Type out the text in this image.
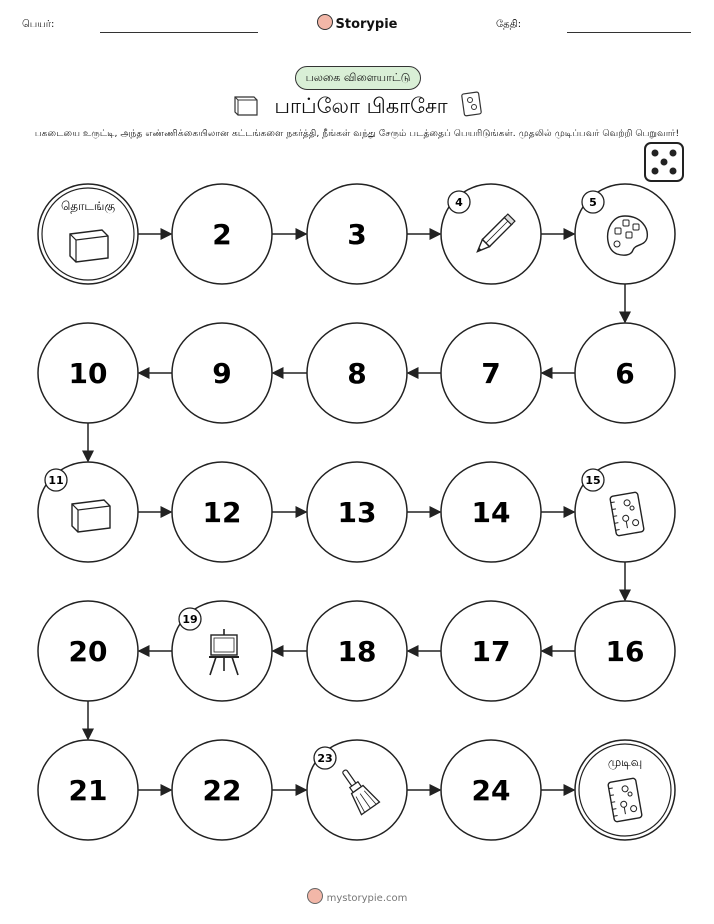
பெயர்:	Storypie	தேதி:
பலகை விளையாட்டு
பாப்லோ பிகாசோ
பகடையை உருட்டி, அந்த எண்ணிக்கையிலான கட்டங்களை நகர்த்தி, நீங்கள் வந்து சேரும் படத்தைப் பெயரிடுங்கள். முதலில் முடிப்பவர் வெற்றி பெறுவார்!
தொடங்கு
2	3
4	5
6
7
8
9
10
11
12	13	14
15
16
17
18
19
20
21	22
23
24
முடிவு
mystorypie.com
